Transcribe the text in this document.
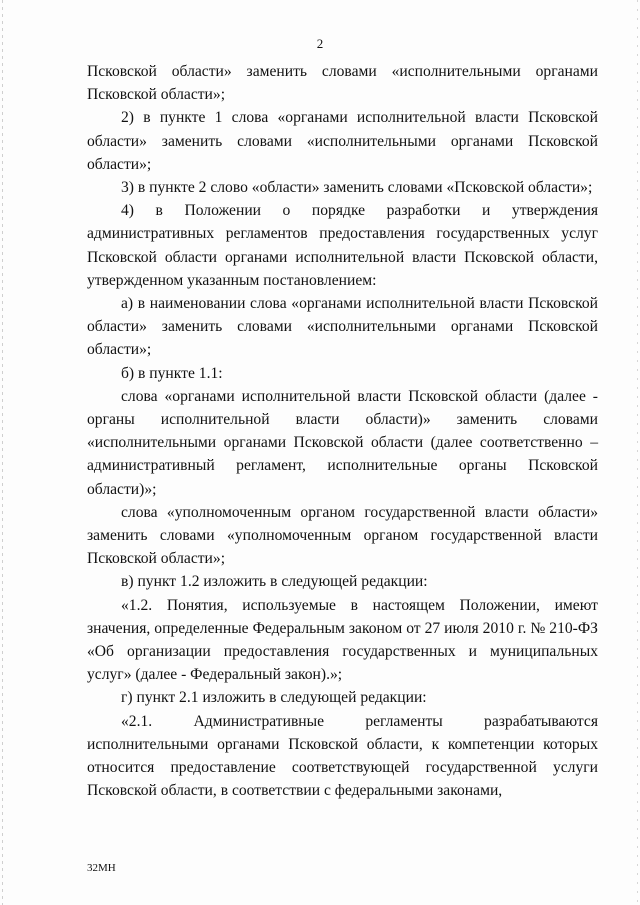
2

Псковской области» заменить словами «исполнительными органами Псковской области»;

2) в пункте 1 слова «органами исполнительной власти Псковской области» заменить словами «исполнительными органами Псковской области»;

3) в пункте 2 слово «области» заменить словами «Псковской области»;

4) в Положении о порядке разработки и утверждения административных регламентов предоставления государственных услуг Псковской области органами исполнительной власти Псковской области, утвержденном указанным постановлением:

а) в наименовании слова «органами исполнительной власти Псковской области» заменить словами «исполнительными органами Псковской области»;

б) в пункте 1.1:

слова «органами исполнительной власти Псковской области (далее - органы исполнительной власти области)» заменить словами «исполнительными органами Псковской области (далее соответственно – административный регламент, исполнительные органы Псковской области)»;

слова «уполномоченным органом государственной власти области» заменить словами «уполномоченным органом государственной власти Псковской области»;

в) пункт 1.2 изложить в следующей редакции:

«1.2. Понятия, используемые в настоящем Положении, имеют значения, определенные Федеральным законом от 27 июля 2010 г. № 210-ФЗ «Об организации предоставления государственных и муниципальных услуг» (далее - Федеральный закон).»;

г) пункт 2.1 изложить в следующей редакции:

«2.1. Административные регламенты разрабатываются исполнительными органами Псковской области, к компетенции которых относится предоставление соответствующей государственной услуги Псковской области, в соответствии с федеральными законами,

32МН
